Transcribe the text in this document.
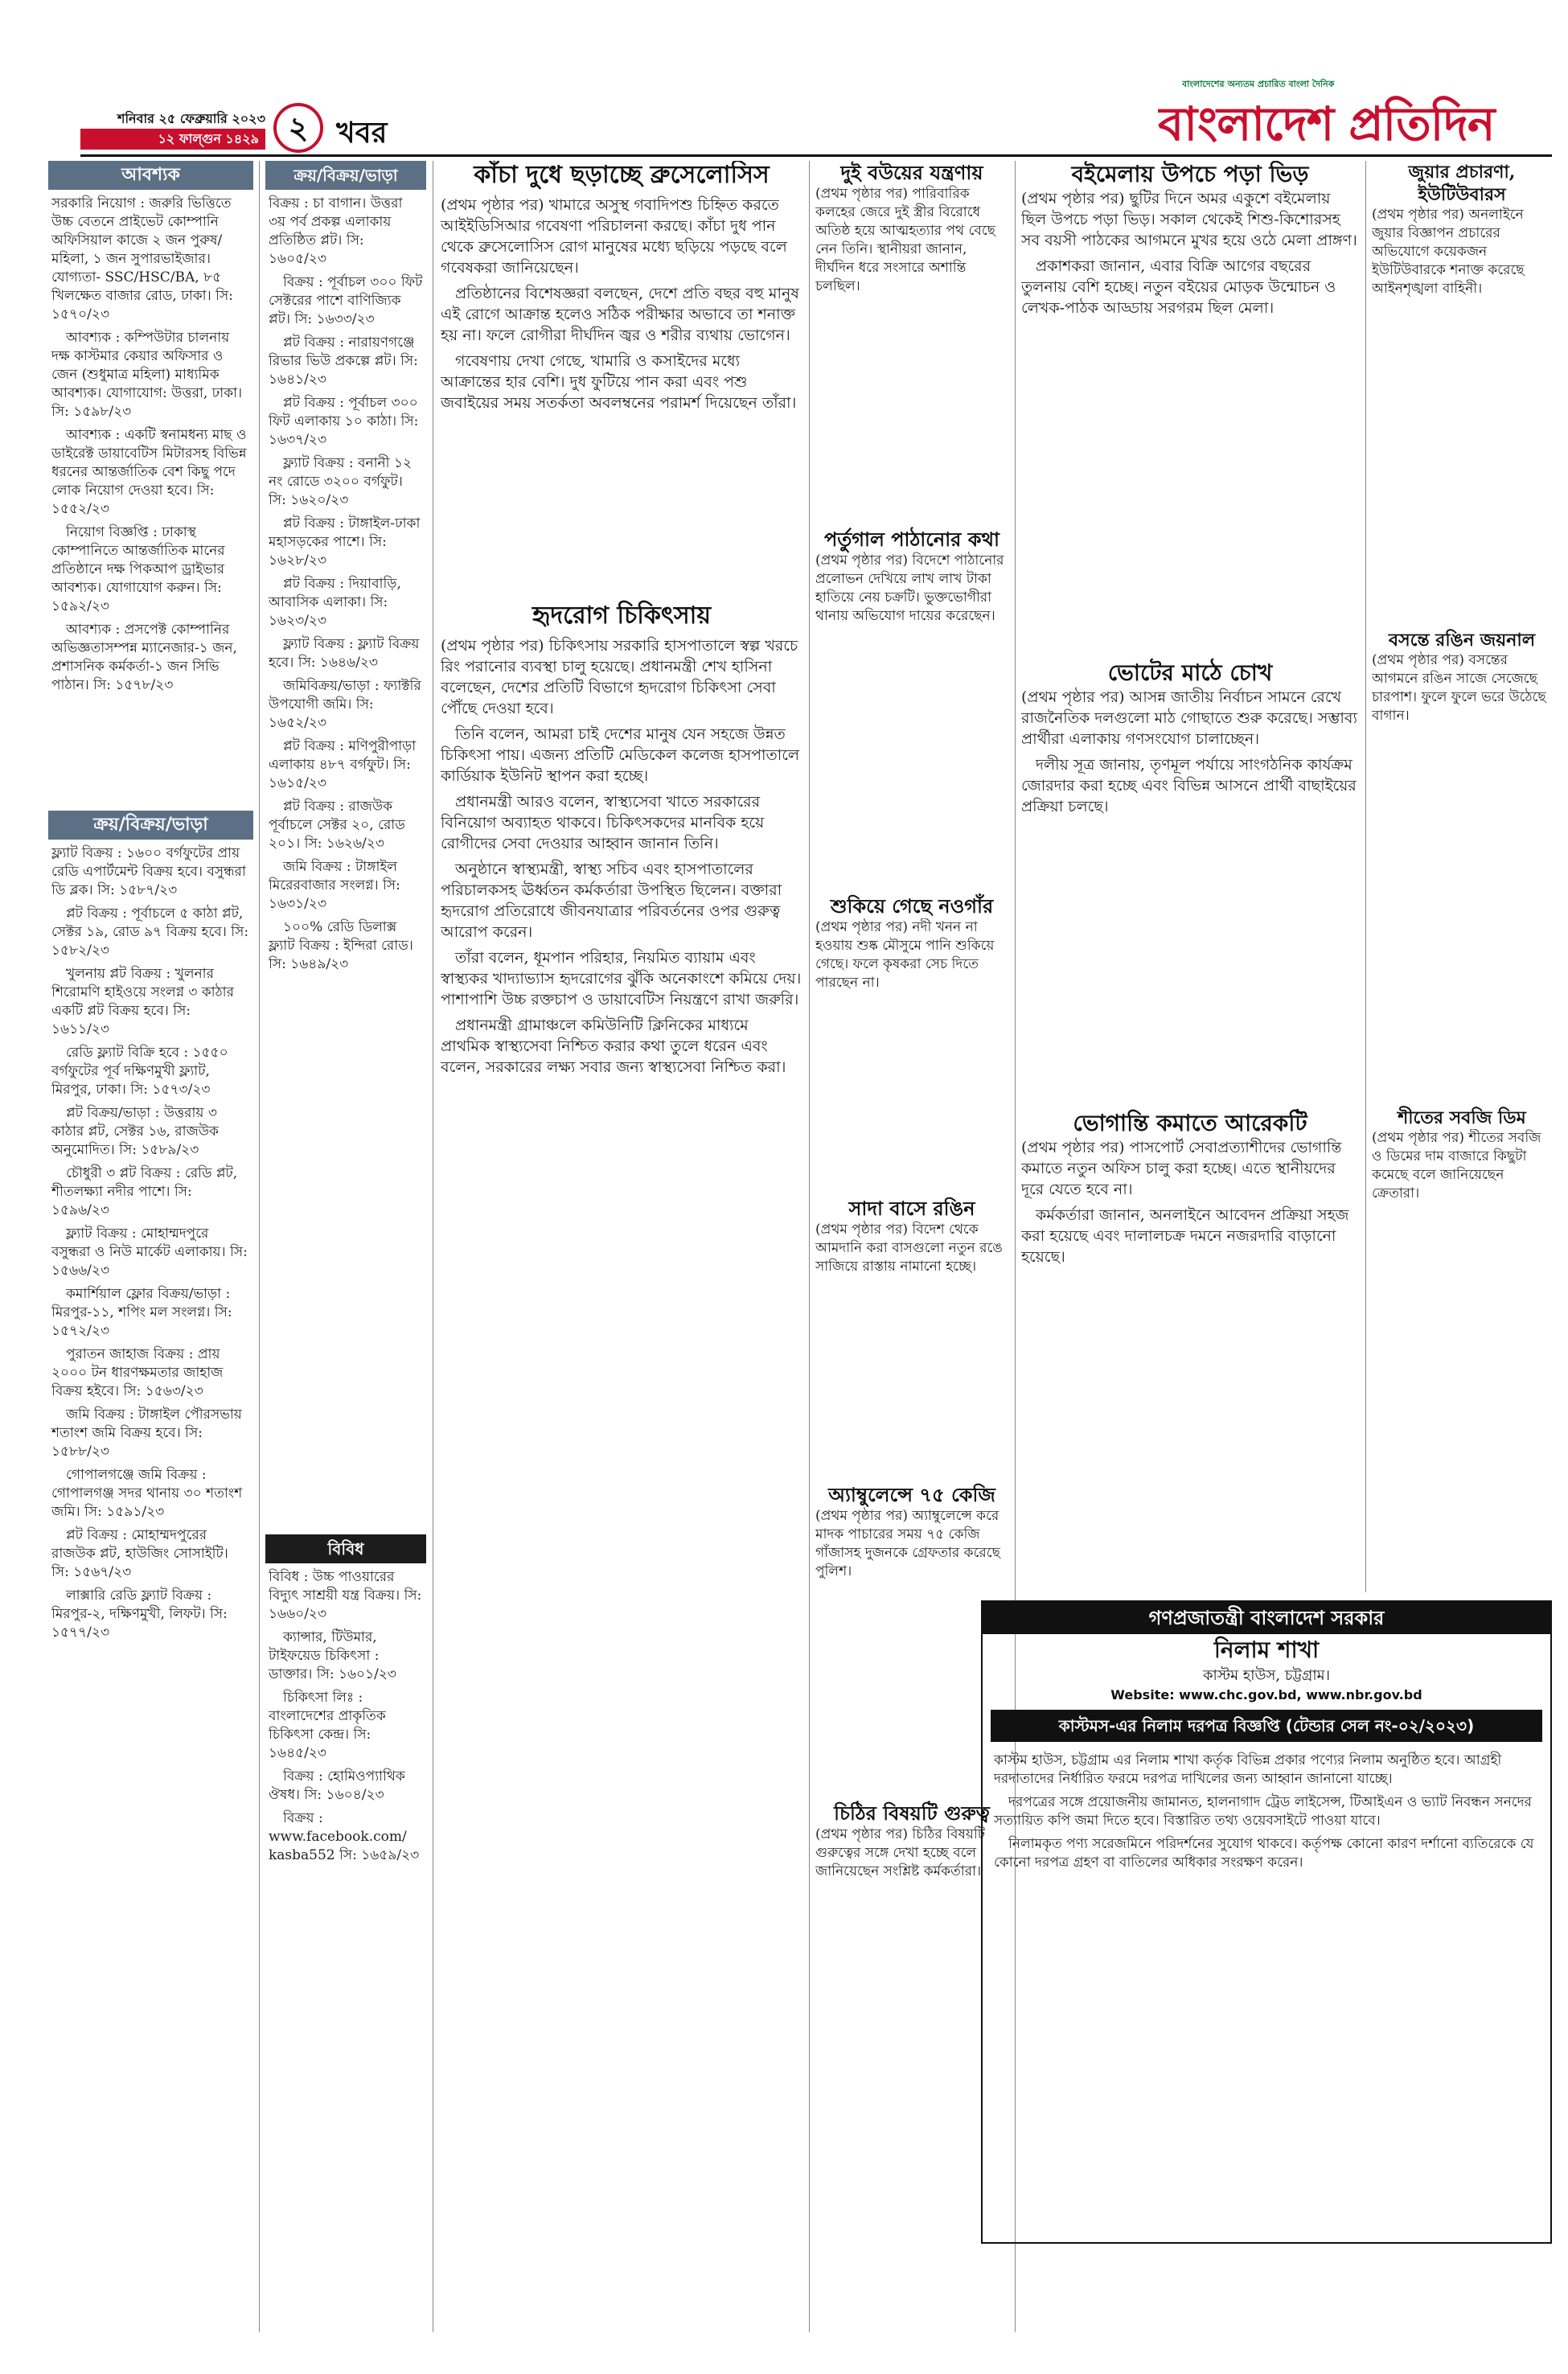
শনিবার ২৫ ফেব্রুয়ারি ২০২৩
১২ ফাল্গুন ১৪২৯ ২ খবর
বাংলাদেশের অন্যতম প্রচারিত বাংলা দৈনিক
বাংলাদেশ প্রতিদিন
আবশ্যক

সরকারি নিয়োগ : জরুরি ভিত্তিতে উচ্চ বেতনে প্রাইভেট কোম্পানি অফিসিয়াল কাজে ২ জন পুরুষ/মহিলা, ১ জন সুপারভাইজার। যোগ্যতা- SSC/HSC/BA, ৮৫ খিলক্ষেত বাজার রোড, ঢাকা। সি: ১৫৭০/২৩

আবশ্যক : কম্পিউটার চালনায় দক্ষ কাস্টমার কেয়ার অফিসার ও জেন (শুধুমাত্র মহিলা) মাধ্যমিক আবশ্যক। যোগাযোগ: উত্তরা, ঢাকা। সি: ১৫৯৮/২৩

আবশ্যক : একটি স্বনামধন্য মাছ ও ডাইরেক্ট ডায়াবেটিস মিটারসহ বিভিন্ন ধরনের আন্তর্জাতিক বেশ কিছু পদে লোক নিয়োগ দেওয়া হবে। সি: ১৫৫২/২৩

নিয়োগ বিজ্ঞপ্তি : ঢাকাস্থ কোম্পানিতে আন্তর্জাতিক মানের প্রতিষ্ঠানে দক্ষ পিকআপ ড্রাইভার আবশ্যক। যোগাযোগ করুন। সি: ১৫৯২/২৩

আবশ্যক : প্রসপেক্ট কোম্পানির অভিজ্ঞতাসম্পন্ন ম্যানেজার-১ জন, প্রশাসনিক কর্মকর্তা-১ জন সিভি পাঠান। সি: ১৫৭৮/২৩

ক্রয়/বিক্রয়/ভাড়া

ফ্ল্যাট বিক্রয় : ১৬০০ বর্গফুটের প্রায় রেডি এপার্টমেন্ট বিক্রয় হবে। বসুন্ধরা ডি ব্লক। সি: ১৫৮৭/২৩

প্লট বিক্রয় : পূর্বাচলে ৫ কাঠা প্লট, সেক্টর ১৯, রোড ৯৭ বিক্রয় হবে। সি: ১৫৮২/২৩

খুলনায় প্লট বিক্রয় : খুলনার শিরোমণি হাইওয়ে সংলগ্ন ৩ কাঠার একটি প্লট বিক্রয় হবে। সি: ১৬১১/২৩

রেডি ফ্ল্যাট বিক্রি হবে : ১৫৫০ বর্গফুটের পূর্ব দক্ষিণমুখী ফ্ল্যাট, মিরপুর, ঢাকা। সি: ১৫৭৩/২৩

প্লট বিক্রয়/ভাড়া : উত্তরায় ৩ কাঠার প্লট, সেক্টর ১৬, রাজউক অনুমোদিত। সি: ১৫৮৯/২৩

চৌধুরী ৩ প্লট বিক্রয় : রেডি প্লট, শীতলক্ষ্যা নদীর পাশে। সি: ১৫৯৬/২৩

ফ্ল্যাট বিক্রয় : মোহাম্মদপুরে বসুন্ধরা ও নিউ মার্কেট এলাকায়। সি: ১৫৬৬/২৩

কমার্শিয়াল ফ্লোর বিক্রয়/ভাড়া : মিরপুর-১১, শপিং মল সংলগ্ন। সি: ১৫৭২/২৩

পুরাতন জাহাজ বিক্রয় : প্রায় ২০০০ টন ধারণক্ষমতার জাহাজ বিক্রয় হইবে। সি: ১৫৬৩/২৩

জমি বিক্রয় : টাঙ্গাইল পৌরসভায় শতাংশ জমি বিক্রয় হবে। সি: ১৫৮৮/২৩

গোপালগঞ্জে জমি বিক্রয় : গোপালগঞ্জ সদর থানায় ৩০ শতাংশ জমি। সি: ১৫৯১/২৩

প্লট বিক্রয় : মোহাম্মদপুরের রাজউক প্লট, হাউজিং সোসাইটি। সি: ১৫৬৭/২৩

লাক্সারি রেডি ফ্ল্যাট বিক্রয় : মিরপুর-২, দক্ষিণমুখী, লিফট। সি: ১৫৭৭/২৩

ক্রয়/বিক্রয়/ভাড়া

বিক্রয় : চা বাগান। উত্তরা ৩য় পর্ব প্রকল্প এলাকায় প্রতিষ্ঠিত প্লট। সি: ১৬০৫/২৩

বিক্রয় : পূর্বাচল ৩০০ ফিট সেক্টরের পাশে বাণিজ্যিক প্লট। সি: ১৬৩৩/২৩

প্লট বিক্রয় : নারায়ণগঞ্জে রিভার ভিউ প্রকল্পে প্লট। সি: ১৬৪১/২৩

প্লট বিক্রয় : পূর্বাচল ৩০০ ফিট এলাকায় ১০ কাঠা। সি: ১৬৩৭/২৩

ফ্ল্যাট বিক্রয় : বনানী ১২ নং রোডে ৩২০০ বর্গফুট। সি: ১৬২০/২৩

প্লট বিক্রয় : টাঙ্গাইল-ঢাকা মহাসড়কের পাশে। সি: ১৬২৮/২৩

প্লট বিক্রয় : দিয়াবাড়ি, আবাসিক এলাকা। সি: ১৬২৩/২৩

ফ্ল্যাট বিক্রয় : ফ্ল্যাট বিক্রয় হবে। সি: ১৬৪৬/২৩

জমিবিক্রয়/ভাড়া : ফ্যাক্টরি উপযোগী জমি। সি: ১৬৫২/২৩

প্লট বিক্রয় : মণিপুরীপাড়া এলাকায় ৪৮৭ বর্গফুট। সি: ১৬১৫/২৩

প্লট বিক্রয় : রাজউক পূর্বাচলে সেক্টর ২০, রোড ২০১। সি: ১৬২৬/২৩

জমি বিক্রয় : টাঙ্গাইল মিরেরবাজার সংলগ্ন। সি: ১৬৩১/২৩

১০০% রেডি ডিলাক্স ফ্ল্যাট বিক্রয় : ইন্দিরা রোড। সি: ১৬৪৯/২৩

বিবিধ

বিবিধ : উচ্চ পাওয়ারের বিদ্যুৎ সাশ্রয়ী যন্ত্র বিক্রয়। সি: ১৬৬০/২৩

ক্যান্সার, টিউমার, টাইফয়েড চিকিৎসা : ডাক্তার। সি: ১৬০১/২৩

চিকিৎসা লিঃ : বাংলাদেশের প্রাকৃতিক চিকিৎসা কেন্দ্র। সি: ১৬৪৫/২৩

বিক্রয় : হোমিওপ্যাথিক ঔষধ। সি: ১৬০৪/২৩

বিক্রয় : www.facebook.com/ kasba552 সি: ১৬৫৯/২৩

কাঁচা দুধে ছড়াচ্ছে ব্রুসেলোসিস

(প্রথম পৃষ্ঠার পর) খামারে অসুস্থ গবাদিপশু চিহ্নিত করতে আইইডিসিআর গবেষণা পরিচালনা করছে। কাঁচা দুধ পান থেকে ব্রুসেলোসিস রোগ মানুষের মধ্যে ছড়িয়ে পড়ছে বলে গবেষকরা জানিয়েছেন।

প্রতিষ্ঠানের বিশেষজ্ঞরা বলছেন, দেশে প্রতি বছর বহু মানুষ এই রোগে আক্রান্ত হলেও সঠিক পরীক্ষার অভাবে তা শনাক্ত হয় না। ফলে রোগীরা দীর্ঘদিন জ্বর ও শরীর ব্যথায় ভোগেন।

গবেষণায় দেখা গেছে, খামারি ও কসাইদের মধ্যে আক্রান্তের হার বেশি। দুধ ফুটিয়ে পান করা এবং পশু জবাইয়ের সময় সতর্কতা অবলম্বনের পরামর্শ দিয়েছেন তাঁরা।

হৃদরোগ চিকিৎসায়

(প্রথম পৃষ্ঠার পর) চিকিৎসায় সরকারি হাসপাতালে স্বল্প খরচে রিং পরানোর ব্যবস্থা চালু হয়েছে। প্রধানমন্ত্রী শেখ হাসিনা বলেছেন, দেশের প্রতিটি বিভাগে হৃদরোগ চিকিৎসা সেবা পৌঁছে দেওয়া হবে।

তিনি বলেন, আমরা চাই দেশের মানুষ যেন সহজে উন্নত চিকিৎসা পায়। এজন্য প্রতিটি মেডিকেল কলেজ হাসপাতালে কার্ডিয়াক ইউনিট স্থাপন করা হচ্ছে।

প্রধানমন্ত্রী আরও বলেন, স্বাস্থ্যসেবা খাতে সরকারের বিনিয়োগ অব্যাহত থাকবে। চিকিৎসকদের মানবিক হয়ে রোগীদের সেবা দেওয়ার আহ্বান জানান তিনি।

অনুষ্ঠানে স্বাস্থ্যমন্ত্রী, স্বাস্থ্য সচিব এবং হাসপাতালের পরিচালকসহ ঊর্ধ্বতন কর্মকর্তারা উপস্থিত ছিলেন। বক্তারা হৃদরোগ প্রতিরোধে জীবনযাত্রার পরিবর্তনের ওপর গুরুত্ব আরোপ করেন।

তাঁরা বলেন, ধূমপান পরিহার, নিয়মিত ব্যায়াম এবং স্বাস্থ্যকর খাদ্যাভ্যাস হৃদরোগের ঝুঁকি অনেকাংশে কমিয়ে দেয়। পাশাপাশি উচ্চ রক্তচাপ ও ডায়াবেটিস নিয়ন্ত্রণে রাখা জরুরি।

প্রধানমন্ত্রী গ্রামাঞ্চলে কমিউনিটি ক্লিনিকের মাধ্যমে প্রাথমিক স্বাস্থ্যসেবা নিশ্চিত করার কথা তুলে ধরেন এবং বলেন, সরকারের লক্ষ্য সবার জন্য স্বাস্থ্যসেবা নিশ্চিত করা।

দুই বউয়ের যন্ত্রণায়

(প্রথম পৃষ্ঠার পর) পারিবারিক কলহের জেরে দুই স্ত্রীর বিরোধে অতিষ্ঠ হয়ে আত্মহত্যার পথ বেছে নেন তিনি। স্থানীয়রা জানান, দীর্ঘদিন ধরে সংসারে অশান্তি চলছিল।

পর্তুগাল পাঠানোর কথা

(প্রথম পৃষ্ঠার পর) বিদেশে পাঠানোর প্রলোভন দেখিয়ে লাখ লাখ টাকা হাতিয়ে নেয় চক্রটি। ভুক্তভোগীরা থানায় অভিযোগ দায়ের করেছেন।

শুকিয়ে গেছে নওগাঁর

(প্রথম পৃষ্ঠার পর) নদী খনন না হওয়ায় শুষ্ক মৌসুমে পানি শুকিয়ে গেছে। ফলে কৃষকরা সেচ দিতে পারছেন না।

সাদা বাসে রঙিন

(প্রথম পৃষ্ঠার পর) বিদেশ থেকে আমদানি করা বাসগুলো নতুন রঙে সাজিয়ে রাস্তায় নামানো হচ্ছে।

অ্যাম্বুলেন্সে ৭৫ কেজি

(প্রথম পৃষ্ঠার পর) অ্যাম্বুলেন্সে করে মাদক পাচারের সময় ৭৫ কেজি গাঁজাসহ দুজনকে গ্রেফতার করেছে পুলিশ।

চিঠির বিষয়টি গুরুত্ব

(প্রথম পৃষ্ঠার পর) চিঠির বিষয়টি গুরুত্বের সঙ্গে দেখা হচ্ছে বলে জানিয়েছেন সংশ্লিষ্ট কর্মকর্তারা।

বইমেলায় উপচে পড়া ভিড়

(প্রথম পৃষ্ঠার পর) ছুটির দিনে অমর একুশে বইমেলায় ছিল উপচে পড়া ভিড়। সকাল থেকেই শিশু-কিশোরসহ সব বয়সী পাঠকের আগমনে মুখর হয়ে ওঠে মেলা প্রাঙ্গণ।

প্রকাশকরা জানান, এবার বিক্রি আগের বছরের তুলনায় বেশি হচ্ছে। নতুন বইয়ের মোড়ক উন্মোচন ও লেখক-পাঠক আড্ডায় সরগরম ছিল মেলা।

ভোটের মাঠে চোখ

(প্রথম পৃষ্ঠার পর) আসন্ন জাতীয় নির্বাচন সামনে রেখে রাজনৈতিক দলগুলো মাঠ গোছাতে শুরু করেছে। সম্ভাব্য প্রার্থীরা এলাকায় গণসংযোগ চালাচ্ছেন।

দলীয় সূত্র জানায়, তৃণমূল পর্যায়ে সাংগঠনিক কার্যক্রম জোরদার করা হচ্ছে এবং বিভিন্ন আসনে প্রার্থী বাছাইয়ের প্রক্রিয়া চলছে।

ভোগান্তি কমাতে আরেকটি

(প্রথম পৃষ্ঠার পর) পাসপোর্ট সেবাপ্রত্যাশীদের ভোগান্তি কমাতে নতুন অফিস চালু করা হচ্ছে। এতে স্থানীয়দের দূরে যেতে হবে না।

কর্মকর্তারা জানান, অনলাইনে আবেদন প্রক্রিয়া সহজ করা হয়েছে এবং দালালচক্র দমনে নজরদারি বাড়ানো হয়েছে।

জুয়ার প্রচারণা, ইউটিউবারস

(প্রথম পৃষ্ঠার পর) অনলাইনে জুয়ার বিজ্ঞাপন প্রচারের অভিযোগে কয়েকজন ইউটিউবারকে শনাক্ত করেছে আইনশৃঙ্খলা বাহিনী।

বসন্তে রঙিন জয়নাল

(প্রথম পৃষ্ঠার পর) বসন্তের আগমনে রঙিন সাজে সেজেছে চারপাশ। ফুলে ফুলে ভরে উঠেছে বাগান।

শীতের সবজি ডিম

(প্রথম পৃষ্ঠার পর) শীতের সবজি ও ডিমের দাম বাজারে কিছুটা কমেছে বলে জানিয়েছেন ক্রেতারা।

গণপ্রজাতন্ত্রী বাংলাদেশ সরকার
নিলাম শাখা
কাস্টম হাউস, চট্টগ্রাম।
Website: www.chc.gov.bd, www.nbr.gov.bd
কাস্টমস-এর নিলাম দরপত্র বিজ্ঞপ্তি (টেন্ডার সেল নং-০২/২০২৩)

কাস্টম হাউস, চট্টগ্রাম এর নিলাম শাখা কর্তৃক বিভিন্ন প্রকার পণ্যের নিলাম অনুষ্ঠিত হবে। আগ্রহী দরদাতাদের নির্ধারিত ফরমে দরপত্র দাখিলের জন্য আহ্বান জানানো যাচ্ছে।

দরপত্রের সঙ্গে প্রয়োজনীয় জামানত, হালনাগাদ ট্রেড লাইসেন্স, টিআইএন ও ভ্যাট নিবন্ধন সনদের সত্যায়িত কপি জমা দিতে হবে। বিস্তারিত তথ্য ওয়েবসাইটে পাওয়া যাবে।

নিলামকৃত পণ্য সরেজমিনে পরিদর্শনের সুযোগ থাকবে। কর্তৃপক্ষ কোনো কারণ দর্শানো ব্যতিরেকে যে কোনো দরপত্র গ্রহণ বা বাতিলের অধিকার সংরক্ষণ করেন।
